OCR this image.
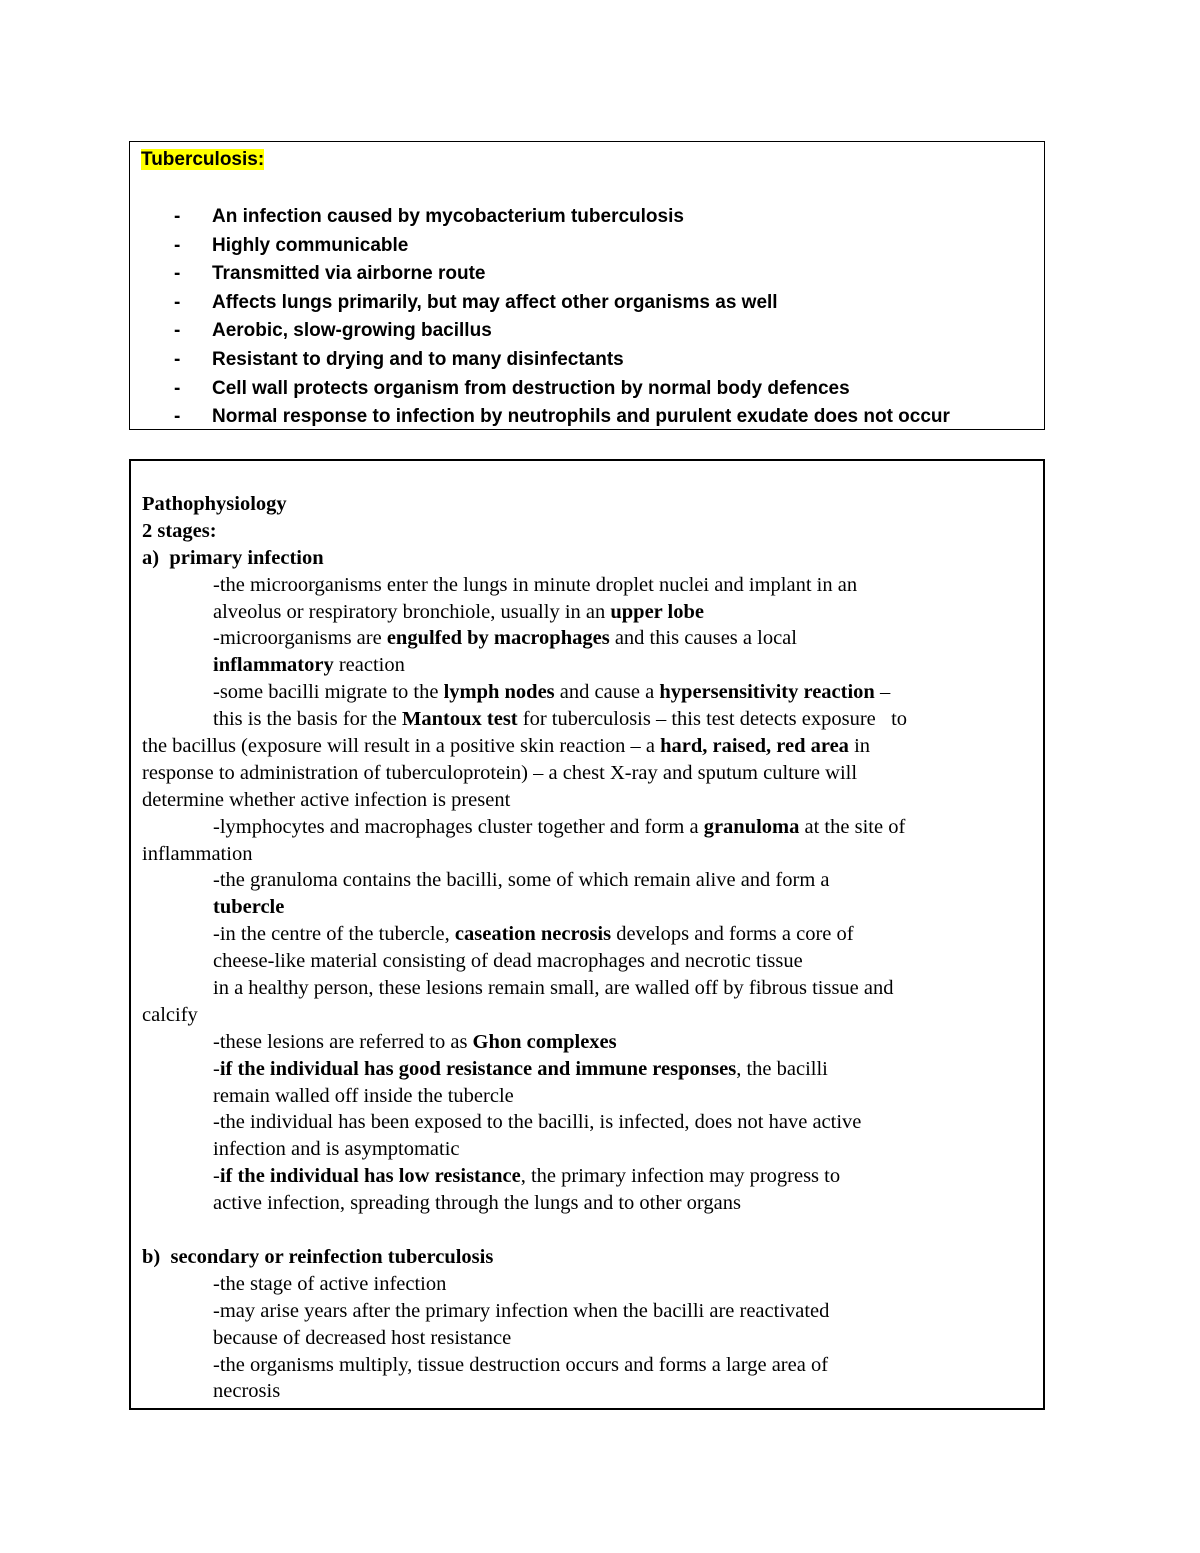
Tuberculosis:
- An infection caused by mycobacterium tuberculosis
- Highly communicable
- Transmitted via airborne route
- Affects lungs primarily, but may affect other organisms as well
- Aerobic, slow-growing bacillus
- Resistant to drying and to many disinfectants
- Cell wall protects organism from destruction by normal body defences
- Normal response to infection by neutrophils and purulent exudate does not occur
Pathophysiology
2 stages:
a)  primary infection
-the microorganisms enter the lungs in minute droplet nuclei and implant in an
alveolus or respiratory bronchiole, usually in an upper lobe
-microorganisms are engulfed by macrophages and this causes a local
inflammatory reaction
-some bacilli migrate to the lymph nodes and cause a hypersensitivity reaction –
this is the basis for the Mantoux test for tuberculosis – this test detects exposure   to
the bacillus (exposure will result in a positive skin reaction – a hard, raised, red area in
response to administration of tuberculoprotein) – a chest X-ray and sputum culture will
determine whether active infection is present
-lymphocytes and macrophages cluster together and form a granuloma at the site of
inflammation
-the granuloma contains the bacilli, some of which remain alive and form a
tubercle
-in the centre of the tubercle, caseation necrosis develops and forms a core of
cheese-like material consisting of dead macrophages and necrotic tissue
in a healthy person, these lesions remain small, are walled off by fibrous tissue and
calcify
-these lesions are referred to as Ghon complexes
-if the individual has good resistance and immune responses, the bacilli
remain walled off inside the tubercle
-the individual has been exposed to the bacilli, is infected, does not have active
infection and is asymptomatic
-if the individual has low resistance, the primary infection may progress to
active infection, spreading through the lungs and to other organs
b)  secondary or reinfection tuberculosis
-the stage of active infection
-may arise years after the primary infection when the bacilli are reactivated
because of decreased host resistance
-the organisms multiply, tissue destruction occurs and forms a large area of
necrosis
